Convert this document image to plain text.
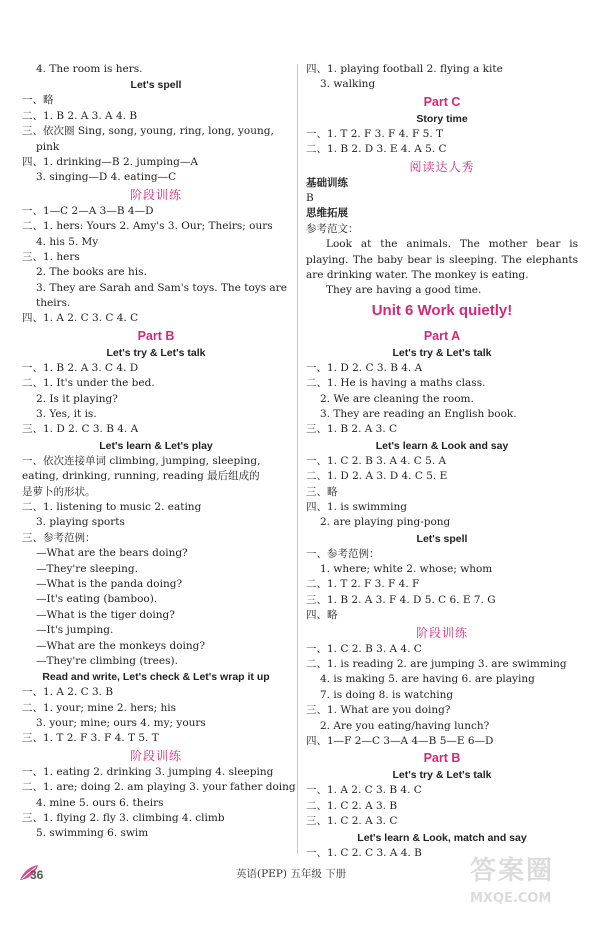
4. The room is hers.
Let's spell
一、略
二、1. B 2. A 3. A 4. B
三、依次圈 Sing, song, young, ring, long, young,
pink
四、1. drinking—B 2. jumping—A
3. singing—D 4. eating—C
阶段训练
一、1—C 2—A 3—B 4—D
二、1. hers: Yours 2. Amy's 3. Our; Theirs; ours
4. his 5. My
三、1. hers
2. The books are his.
3. They are Sarah and Sam's toys. The toys are
theirs.
四、1. A 2. C 3. C 4. C
Part B
Let's try & Let's talk
一、1. B 2. A 3. C 4. D
二、1. It's under the bed.
2. Is it playing?
3. Yes, it is.
三、1. D 2. C 3. B 4. A
Let's learn & Let's play
一、依次连接单词 climbing, jumping, sleeping,
eating, drinking, running, reading 最后组成的
是萝卜的形状。
二、1. listening to music 2. eating
3. playing sports
三、参考范例：
—What are the bears doing?
—They're sleeping.
—What is the panda doing?
—It's eating (bamboo).
—What is the tiger doing?
—It's jumping.
—What are the monkeys doing?
—They're climbing (trees).
Read and write, Let's check & Let's wrap it up
一、1. A 2. C 3. B
二、1. your; mine 2. hers; his
3. your; mine; ours 4. my; yours
三、1. T 2. F 3. F 4. T 5. T
阶段训练
一、1. eating 2. drinking 3. jumping 4. sleeping
二、1. are; doing 2. am playing 3. your father doing
4. mine 5. ours 6. theirs
三、1. flying 2. fly 3. climbing 4. climb
5. swimming 6. swim
四、1. playing football 2. flying a kite
3. walking
Part C
Story time
一、1. T 2. F 3. F 4. F 5. T
二、1. B 2. D 3. E 4. A 5. C
阅读达人秀
基础训练
B
思维拓展
参考范文：
Look at the animals. The mother bear is playing. The baby bear is sleeping. The elephants are drinking water. The monkey is eating.
They are having a good time.
Unit 6 Work quietly!
Part A
Let's try & Let's talk
一、1. D 2. C 3. B 4. A
二、1. He is having a maths class.
2. We are cleaning the room.
3. They are reading an English book.
三、1. B 2. A 3. C
Let's learn & Look and say
一、1. C 2. B 3. A 4. C 5. A
二、1. D 2. A 3. D 4. C 5. E
三、略
四、1. is swimming
2. are playing ping-pong
Let's spell
一、参考范例：
1. where; white 2. whose; whom
二、1. T 2. F 3. F 4. F
三、1. B 2. A 3. F 4. D 5. C 6. E 7. G
四、略
阶段训练
一、1. C 2. B 3. A 4. C
二、1. is reading 2. are jumping 3. are swimming
4. is making 5. are having 6. are playing
7. is doing 8. is watching
三、1. What are you doing?
2. Are you eating/having lunch?
四、1—F 2—C 3—A 4—B 5—E 6—D
Part B
Let's try & Let's talk
一、1. A 2. C 3. B 4. C
二、1. C 2. A 3. B
三、1. C 2. A 3. C
Let's learn & Look, match and say
一、1. C 2. C 3. A 4. B
36	英语(PEP) 五年级 下册	答案圈
MXQE.COM
